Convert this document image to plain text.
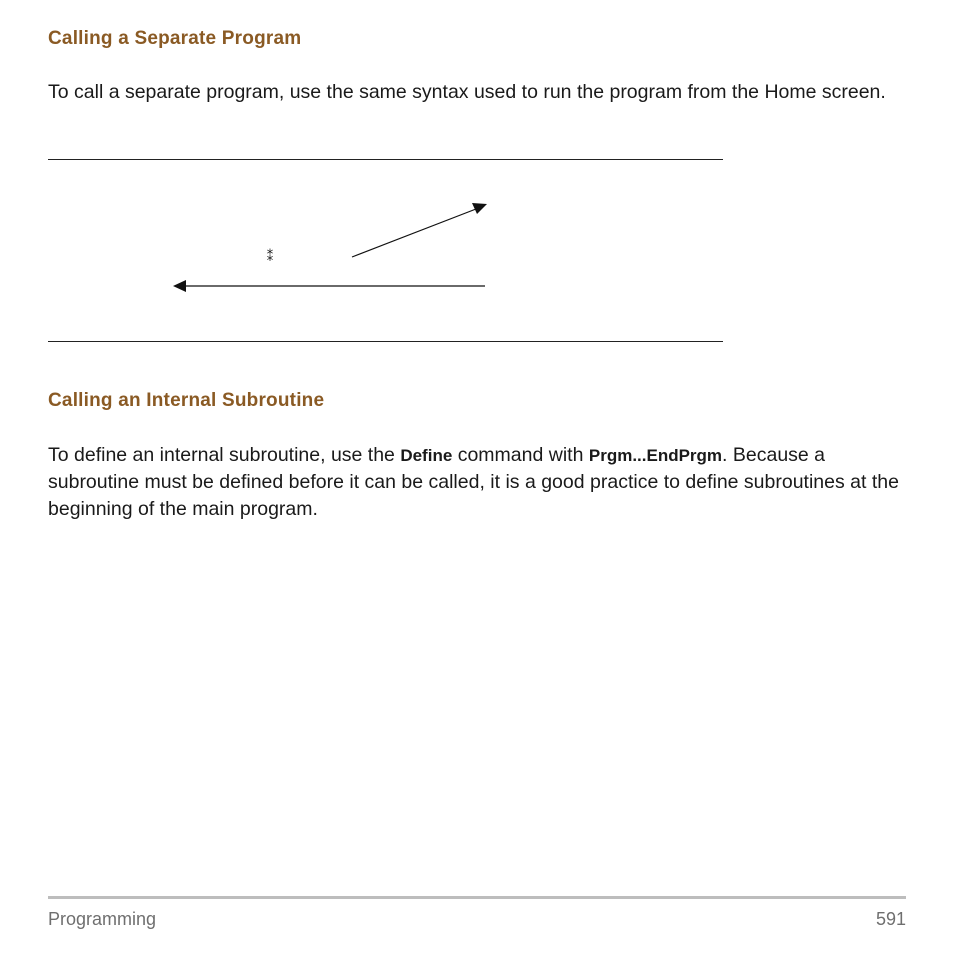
Calling a Separate Program

To call a separate program, use the same syntax used to run the program from the Home screen.

⁑
Calling an Internal Subroutine

To define an internal subroutine, use the Define command with Prgm...EndPrgm. Because a subroutine must be defined before it can be called, it is a good practice to define subroutines at the beginning of the main program.

Programming	591
